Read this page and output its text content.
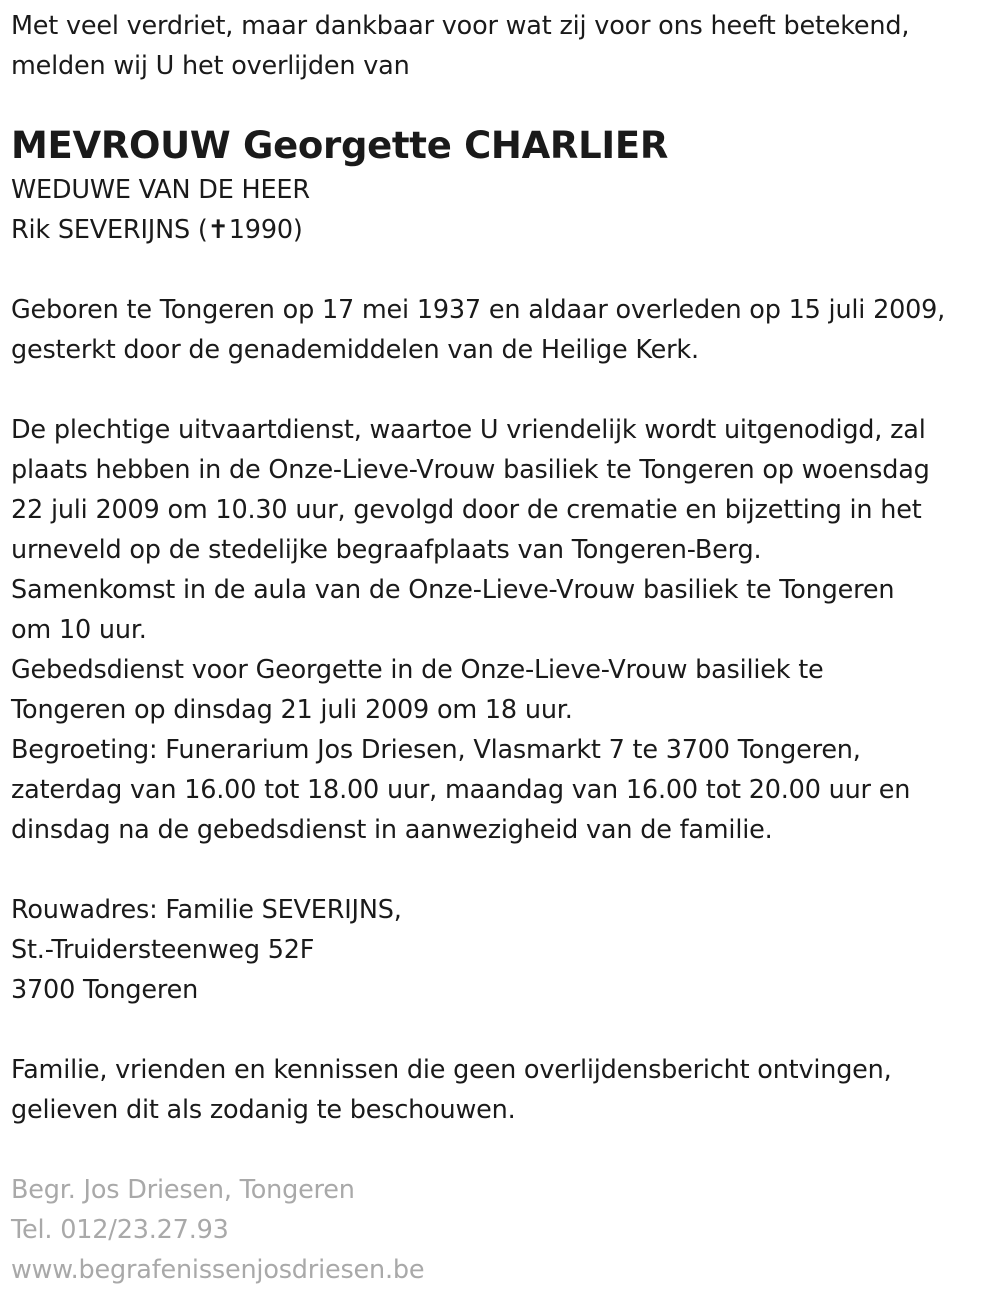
Met veel verdriet, maar dankbaar voor wat zij voor ons heeft betekend,
melden wij U het overlijden van
MEVROUW Georgette CHARLIER
WEDUWE VAN DE HEER
Rik SEVERIJNS (✝1990)
Geboren te Tongeren op 17 mei 1937 en aldaar overleden op 15 juli 2009,
gesterkt door de genademiddelen van de Heilige Kerk.
De plechtige uitvaartdienst, waartoe U vriendelijk wordt uitgenodigd, zal
plaats hebben in de Onze-Lieve-Vrouw basiliek te Tongeren op woensdag
22 juli 2009 om 10.30 uur, gevolgd door de crematie en bijzetting in het
urneveld op de stedelijke begraafplaats van Tongeren-Berg.
Samenkomst in de aula van de Onze-Lieve-Vrouw basiliek te Tongeren
om 10 uur.
Gebedsdienst voor Georgette in de Onze-Lieve-Vrouw basiliek te
Tongeren op dinsdag 21 juli 2009 om 18 uur.
Begroeting: Funerarium Jos Driesen, Vlasmarkt 7 te 3700 Tongeren,
zaterdag van 16.00 tot 18.00 uur, maandag van 16.00 tot 20.00 uur en
dinsdag na de gebedsdienst in aanwezigheid van de familie.
Rouwadres: Familie SEVERIJNS,
St.-Truidersteenweg 52F
3700 Tongeren
Familie, vrienden en kennissen die geen overlijdensbericht ontvingen,
gelieven dit als zodanig te beschouwen.
Begr. Jos Driesen, Tongeren
Tel. 012/23.27.93
www.begrafenissenjosdriesen.be
